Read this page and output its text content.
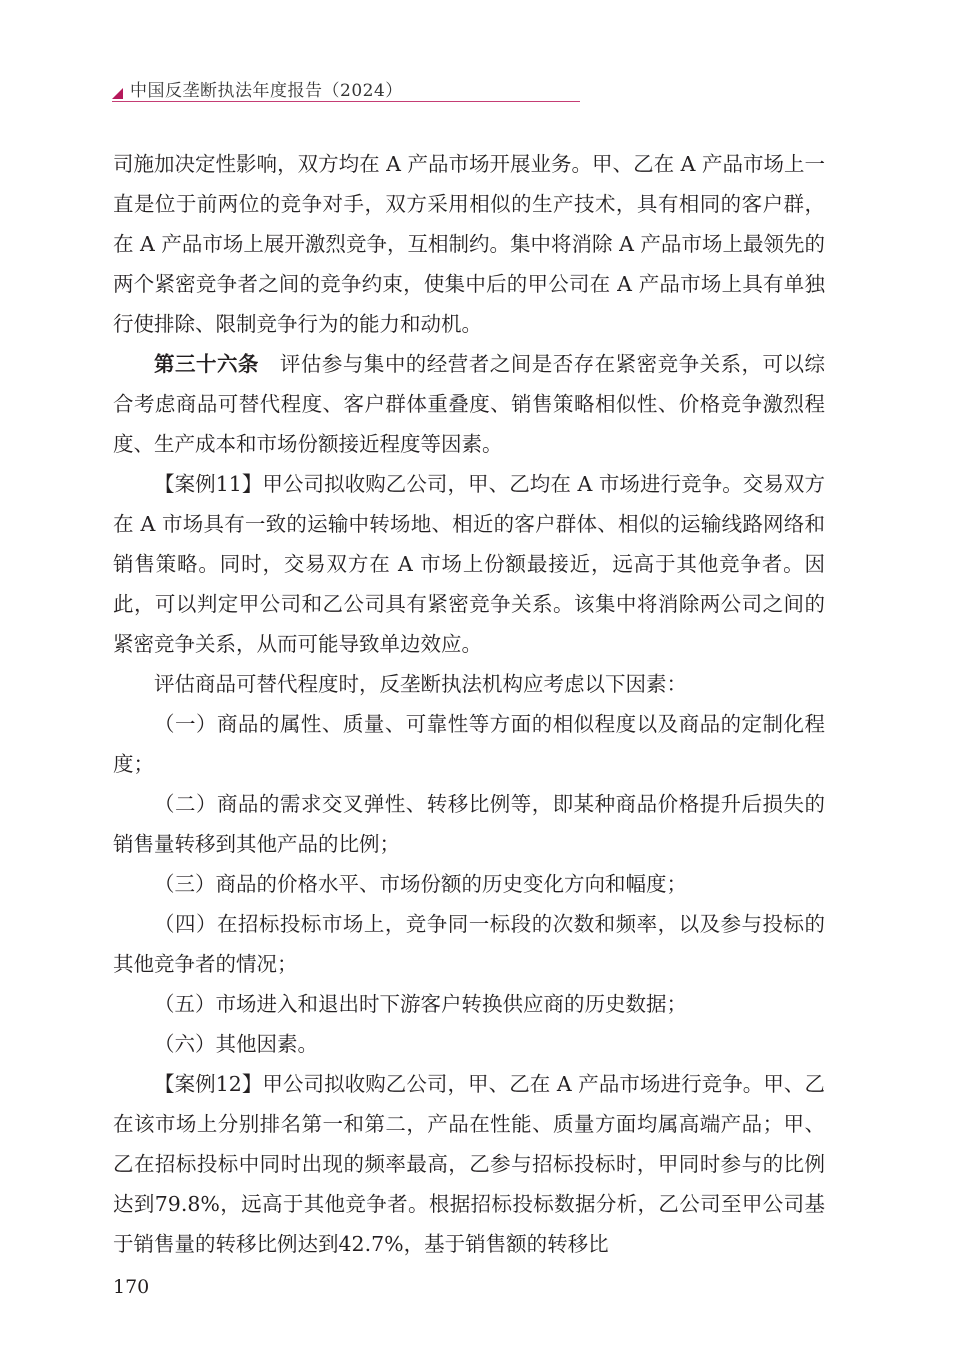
中国反垄断执法年度报告（2024）

司施加决定性影响，双方均在 A 产品市场开展业务。甲、乙在 A 产品市场上一直是位于前两位的竞争对手，双方采用相似的生产技术，具有相同的客户群，在 A 产品市场上展开激烈竞争，互相制约。集中将消除 A 产品市场上最领先的两个紧密竞争者之间的竞争约束，使集中后的甲公司在 A 产品市场上具有单独行使排除、限制竞争行为的能力和动机。

第三十六条　评估参与集中的经营者之间是否存在紧密竞争关系，可以综合考虑商品可替代程度、客户群体重叠度、销售策略相似性、价格竞争激烈程度、生产成本和市场份额接近程度等因素。

【案例11】甲公司拟收购乙公司，甲、乙均在 A 市场进行竞争。交易双方在 A 市场具有一致的运输中转场地、相近的客户群体、相似的运输线路网络和销售策略。同时，交易双方在 A 市场上份额最接近，远高于其他竞争者。因此，可以判定甲公司和乙公司具有紧密竞争关系。该集中将消除两公司之间的紧密竞争关系，从而可能导致单边效应。

评估商品可替代程度时，反垄断执法机构应考虑以下因素：

（一）商品的属性、质量、可靠性等方面的相似程度以及商品的定制化程度；

（二）商品的需求交叉弹性、转移比例等，即某种商品价格提升后损失的销售量转移到其他产品的比例；

（三）商品的价格水平、市场份额的历史变化方向和幅度；

（四）在招标投标市场上，竞争同一标段的次数和频率，以及参与投标的其他竞争者的情况；

（五）市场进入和退出时下游客户转换供应商的历史数据；

（六）其他因素。

【案例12】甲公司拟收购乙公司，甲、乙在 A 产品市场进行竞争。甲、乙在该市场上分别排名第一和第二，产品在性能、质量方面均属高端产品；甲、乙在招标投标中同时出现的频率最高，乙参与招标投标时，甲同时参与的比例达到79.8%，远高于其他竞争者。根据招标投标数据分析，乙公司至甲公司基于销售量的转移比例达到42.7%，基于销售额的转移比

170
